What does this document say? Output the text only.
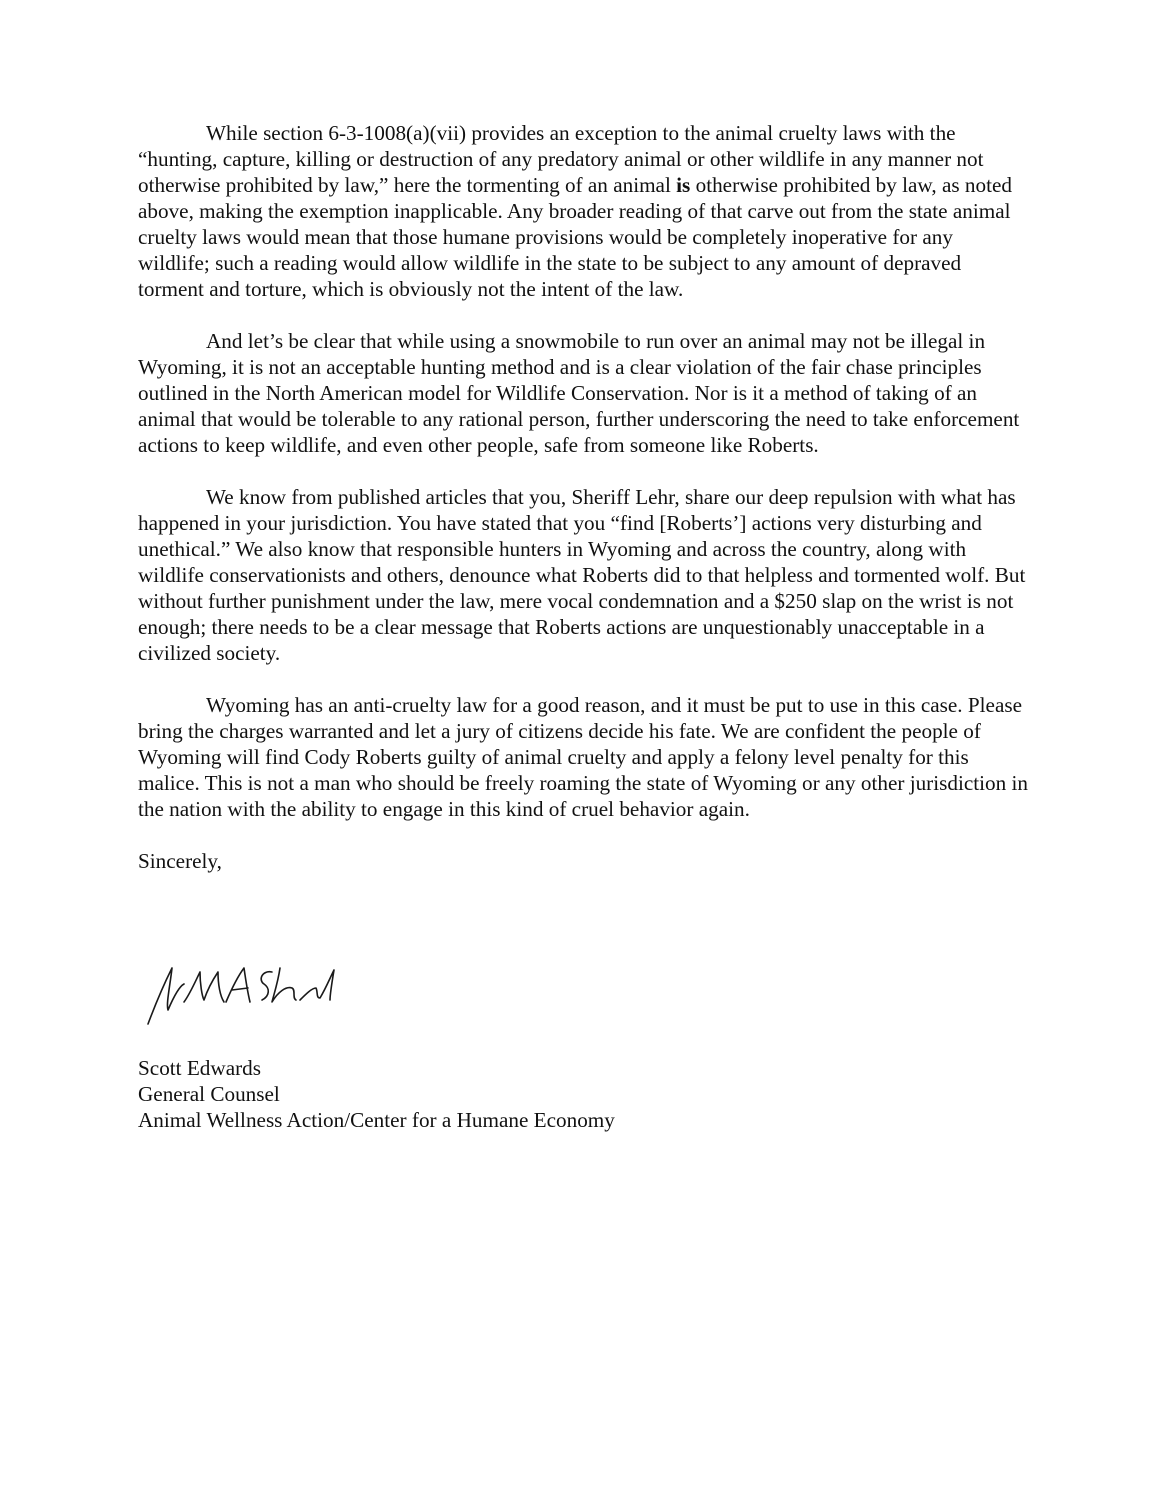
While section 6-3-1008(a)(vii) provides an exception to the animal cruelty laws with the “hunting, capture, killing or destruction of any predatory animal or other wildlife in any manner not otherwise prohibited by law,” here the tormenting of an animal is otherwise prohibited by law, as noted above, making the exemption inapplicable. Any broader reading of that carve out from the state animal cruelty laws would mean that those humane provisions would be completely inoperative for any wildlife; such a reading would allow wildlife in the state to be subject to any amount of depraved torment and torture, which is obviously not the intent of the law.

And let’s be clear that while using a snowmobile to run over an animal may not be illegal in Wyoming, it is not an acceptable hunting method and is a clear violation of the fair chase principles outlined in the North American model for Wildlife Conservation. Nor is it a method of taking of an animal that would be tolerable to any rational person, further underscoring the need to take enforcement actions to keep wildlife, and even other people, safe from someone like Roberts.

We know from published articles that you, Sheriff Lehr, share our deep repulsion with what has happened in your jurisdiction. You have stated that you “find [Roberts’] actions very disturbing and unethical.” We also know that responsible hunters in Wyoming and across the country, along with wildlife conservationists and others, denounce what Roberts did to that helpless and tormented wolf. But without further punishment under the law, mere vocal condemnation and a $250 slap on the wrist is not enough; there needs to be a clear message that Roberts actions are unquestionably unacceptable in a civilized society.

Wyoming has an anti-cruelty law for a good reason, and it must be put to use in this case. Please bring the charges warranted and let a jury of citizens decide his fate. We are confident the people of Wyoming will find Cody Roberts guilty of animal cruelty and apply a felony level penalty for this malice. This is not a man who should be freely roaming the state of Wyoming or any other jurisdiction in the nation with the ability to engage in this kind of cruel behavior again.

Sincerely,

Scott Edwards
General Counsel
Animal Wellness Action/Center for a Humane Economy
